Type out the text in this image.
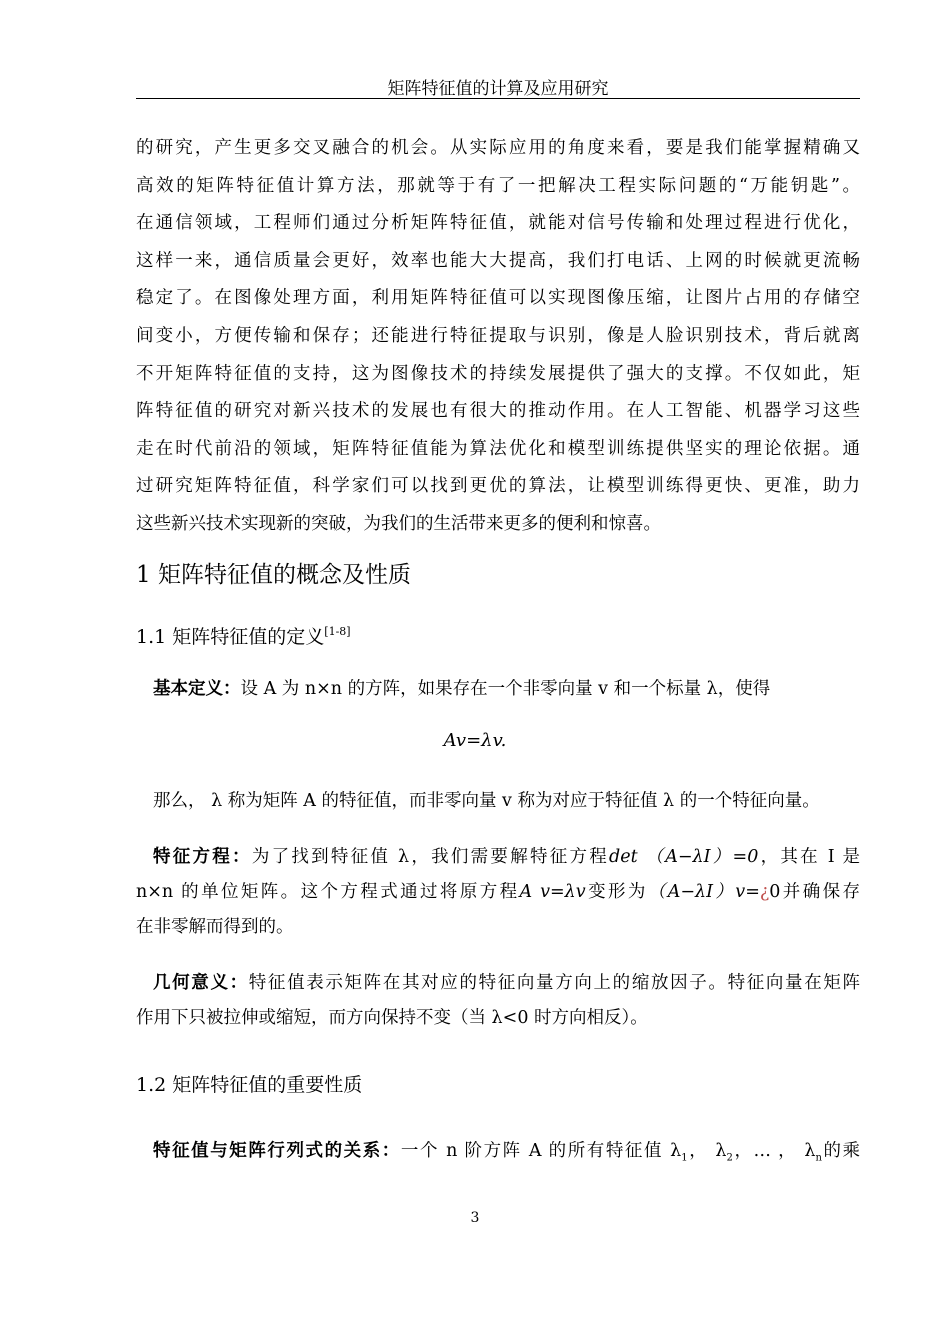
矩阵特征值的计算及应用研究
的研究，产生更多交叉融合的机会。从实际应用的角度来看，要是我们能掌握精确又
高效的矩阵特征值计算方法，那就等于有了一把解决工程实际问题的“万能钥匙”。
在通信领域，工程师们通过分析矩阵特征值，就能对信号传输和处理过程进行优化，
这样一来，通信质量会更好，效率也能大大提高，我们打电话、上网的时候就更流畅
稳定了。在图像处理方面，利用矩阵特征值可以实现图像压缩，让图片占用的存储空
间变小，方便传输和保存；还能进行特征提取与识别，像是人脸识别技术，背后就离
不开矩阵特征值的支持，这为图像技术的持续发展提供了强大的支撑。不仅如此，矩
阵特征值的研究对新兴技术的发展也有很大的推动作用。在人工智能、机器学习这些
走在时代前沿的领域，矩阵特征值能为算法优化和模型训练提供坚实的理论依据。通
过研究矩阵特征值，科学家们可以找到更优的算法，让模型训练得更快、更准，助力
这些新兴技术实现新的突破，为我们的生活带来更多的便利和惊喜。
1 矩阵特征值的概念及性质
1.1 矩阵特征值的定义[1-8]
基本定义：设 A 为 n×n 的方阵，如果存在一个非零向量 v 和一个标量 λ，使得
Av=λv.
那么， λ 称为矩阵 A 的特征值，而非零向量 v 称为对应于特征值 λ 的一个特征向量。
特征方程：为了找到特征值 λ，我们需要解特征方程det （A−λI）=0，其在 I 是
n×n 的单位矩阵。这个方程式通过将原方程A v=λv变形为（A−λI）v=¿0并确保存
在非零解而得到的。
几何意义：特征值表示矩阵在其对应的特征向量方向上的缩放因子。特征向量在矩阵
作用下只被拉伸或缩短，而方向保持不变（当 λ<0 时方向相反）。
1.2 矩阵特征值的重要性质
特征值与矩阵行列式的关系：一个 n 阶方阵 A 的所有特征值 $\lambda_1$， $\lambda_2$，… ， $\lambda_n$的乘
3
